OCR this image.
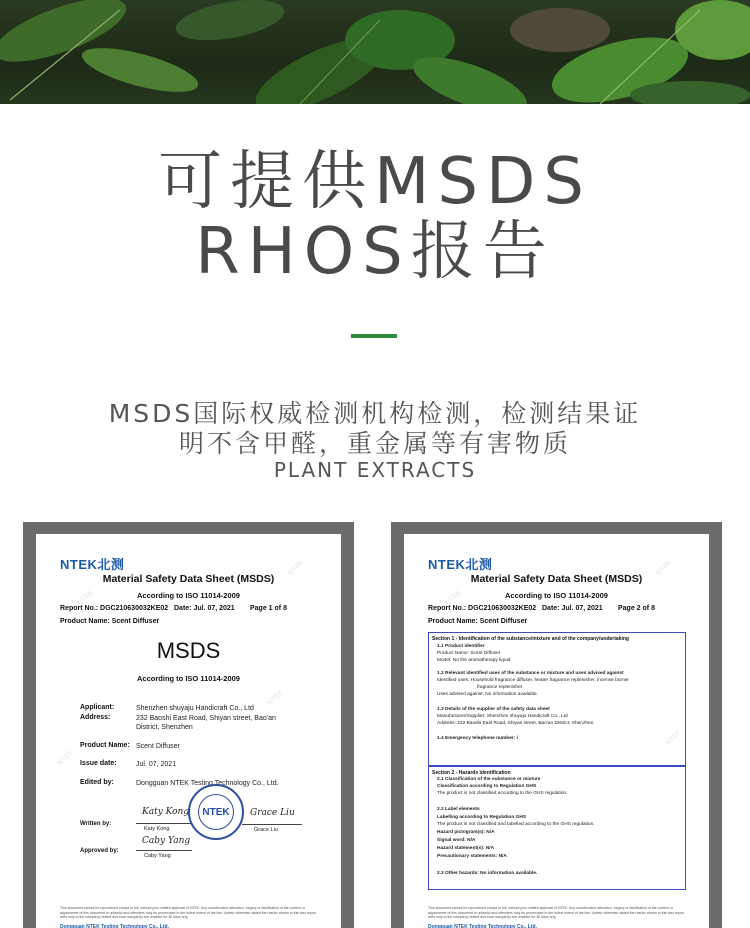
可提供MSDS
RHOS报告
MSDS国际权威检测机构检测，检测结果证
明不含甲醛，重金属等有害物质
PLANT EXTRACTS
NTEK
NTEK
NTEK
NTEK
NTEK北测
Material Safety Data Sheet (MSDS)
According to ISO 11014-2009
Report No.: DGC210630032KE02 Date: Jul. 07, 2021 Page 1 of 8
Product Name: Scent Diffuser
MSDS
According to ISO 11014-2009
Applicant:	Shenzhen shuyaju Handicraft Co., Ltd
Address:	232 Baoshi East Road, Shiyan street, Bao'an District, Shenzhen
Product Name: Scent Diffuser
Issue date:	Jul. 07, 2021
Edited by:	Dongguan NTEK Testing Technology Co., Ltd.
Written by:
Katy Kong
Katy Kong
Approved by:
Caby Yang
Caby Yang
Grace Liu
Grace Liu
NTEK
This document cannot be reproduced except in full, without prior written approval of NTEK. Any unauthorized alteration, forgery or falsification of the content or appearance of this document is unlawful and offenders may be prosecuted to the fullest extent of the law. Unless otherwise stated the results shown in this test report refer only to the sample(s) tested and such sample(s) are retained for 30 days only.
Dongguan NTEK Testing Technology Co., Ltd.
NTEK
NTEK
NTEK
NTEK北测
Material Safety Data Sheet (MSDS)
According to ISO 11014-2009
Report No.: DGC210630032KE02 Date: Jul. 07, 2021 Page 2 of 8
Product Name: Scent Diffuser
Section 1 - Identification of the substance/mixture and of the company/undertaking
1.1 Product identifier
Product Name: Scent Diffuser
Model: No fire aromatherapy liquid
1.2 Relevant identified uses of the substance or mixture and uses advised against
Identified uses: Household fragrance diffuser, heater fragrance replenisher, incense burner
fragrance replenisher
Uses advised against: No information available.
1.3 Details of the supplier of the safety data sheet
Manufacturer/Supplier: Shenzhen shuyaju Handicraft Co., Ltd
Address: 232 Baoshi East Road, Shiyan street, Bao'an District, Shenzhen
1.4 Emergency telephone number: /
Section 2 - Hazards identification
2.1 Classification of the substance or mixture
Classification according to Regulation GHS
The product is not classified according to the GHS regulation.
2.2 Label elements
Labelling according to Regulation GHS
The product is not classified and labelled according to the GHS regulation.
Hazard pictogram(s): N/A
Signal word: N/A
Hazard statement(s): N/A
Precautionary statements: N/A
2.3 Other hazards: No information available.
This document cannot be reproduced except in full, without prior written approval of NTEK. Any unauthorized alteration, forgery or falsification of the content or appearance of this document is unlawful and offenders may be prosecuted to the fullest extent of the law. Unless otherwise stated the results shown in this test report refer only to the sample(s) tested and such sample(s) are retained for 30 days only.
Dongguan NTEK Testing Technology Co., Ltd.
